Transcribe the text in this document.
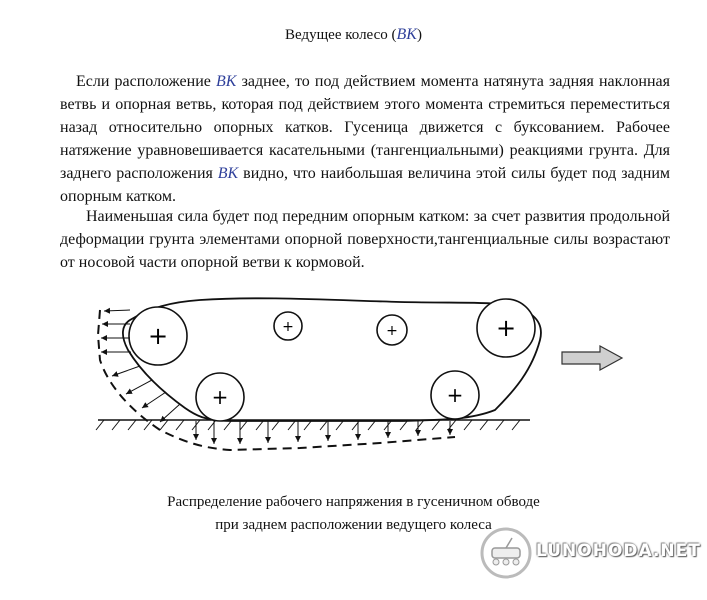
Ведущее колесо (BK)
Если расположение BK заднее, то под действием момента натянута задняя наклонная ветвь и опорная ветвь, которая под действием этого момента стремиться переместиться назад относительно опорных катков. Гусеница движется с буксованием. Рабочее натяжение уравновешивается касательными (тангенциальными) реакциями грунта. Для заднего расположения BK видно, что наибольшая величина этой силы будет под задним опорным катком.
Наименьшая сила будет под передним опорным катком: за счет развития продольной деформации грунта элементами опорной поверхности,тангенциальные силы возрастают от носовой части опорной ветви к кормовой.
+
+
+	+	+
+
Распределение рабочего напряжения в гусеничном обводе
при заднем расположении ведущего колеса
LUNOHODA.NET
